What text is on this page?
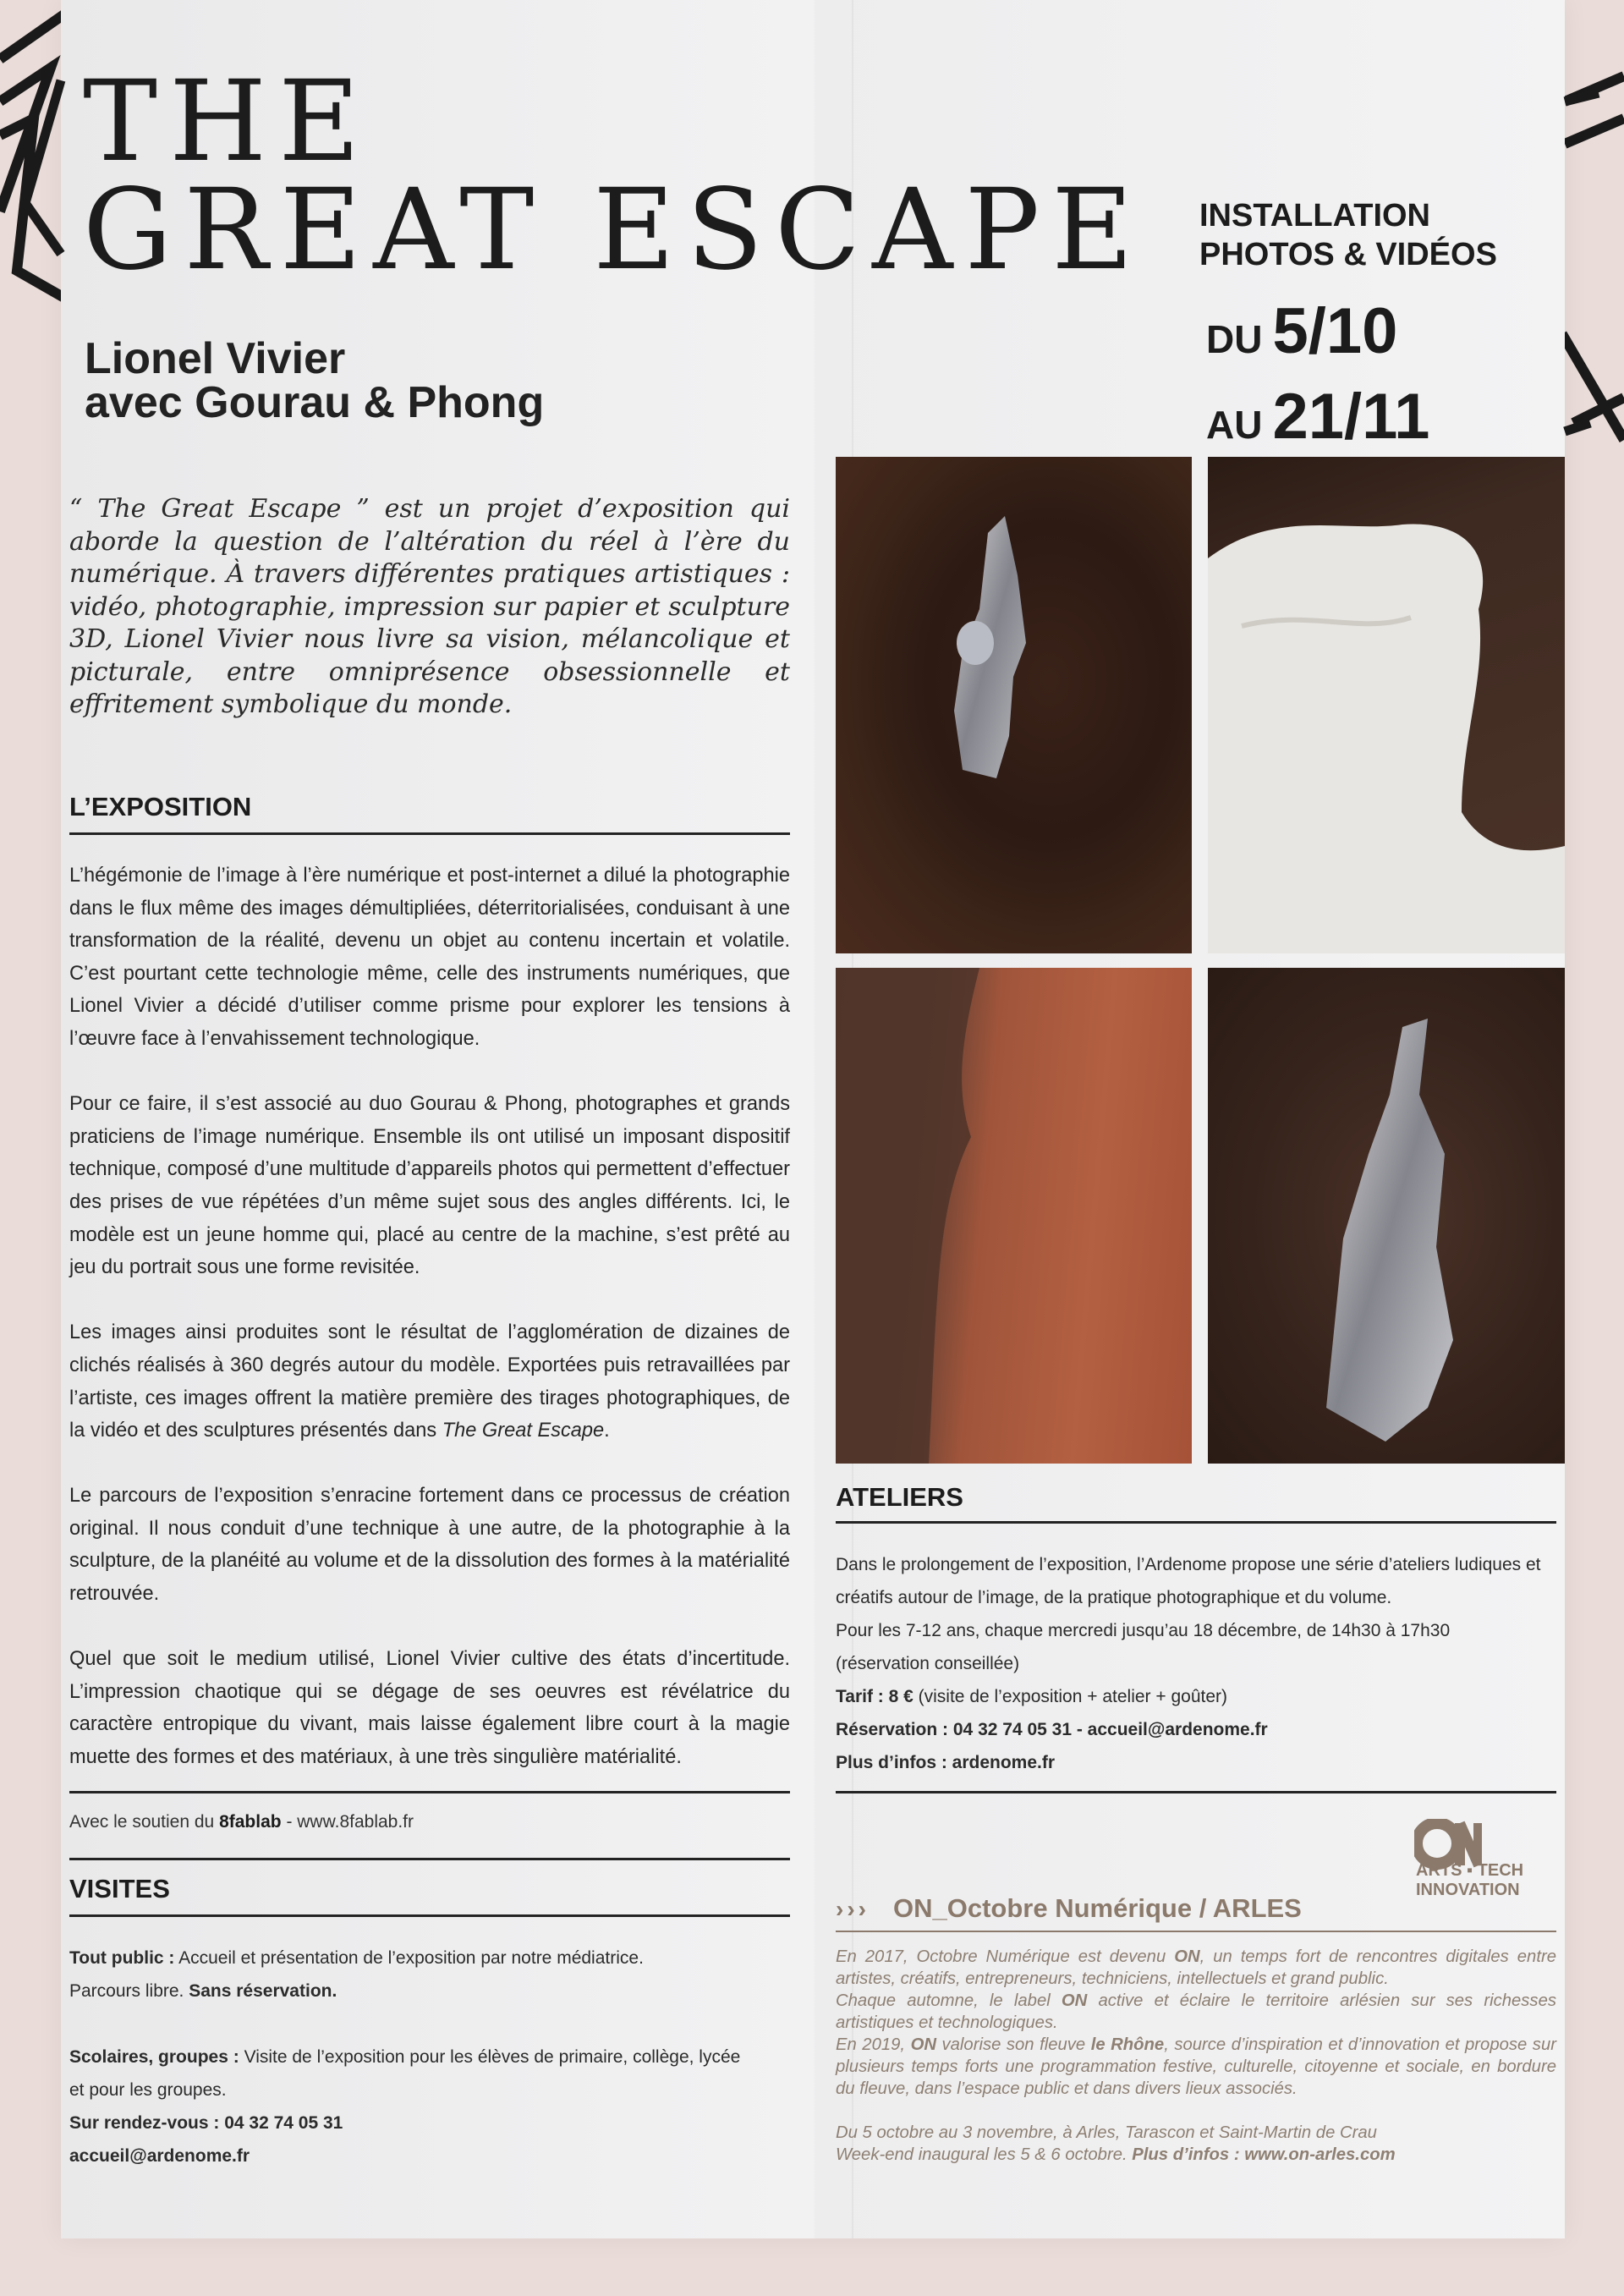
THE
GREAT ESCAPE
Lionel Vivier
avec Gourau & Phong
INSTALLATION
PHOTOS & VIDÉOS
DU 5/10
AU 21/11
“ The Great Escape ” est un projet d’exposition qui aborde la question de l’altération du réel à l’ère du numérique. À travers différentes pratiques artistiques : vidéo, photographie, impression sur papier et sculpture 3D, Lionel Vivier nous livre sa vision, mélancolique et picturale, entre omniprésence obsessionnelle et effritement symbolique du monde.
L’EXPOSITION

L’hégémonie de l’image à l’ère numérique et post-internet a dilué la photographie dans le flux même des images démultipliées, déterritorialisées, conduisant à une transformation de la réalité, devenu un objet au contenu incertain et volatile. C’est pourtant cette technologie même, celle des instruments numériques, que Lionel Vivier a décidé d’utiliser comme prisme pour explorer les tensions à l’œuvre face à l’envahissement technologique.

Pour ce faire, il s’est associé au duo Gourau & Phong, photographes et grands praticiens de l’image numérique. Ensemble ils ont utilisé un imposant dispositif technique, composé d’une multitude d’appareils photos qui permettent d’effectuer des prises de vue répétées d’un même sujet sous des angles différents. Ici, le modèle est un jeune homme qui, placé au centre de la machine, s’est prêté au jeu du portrait sous une forme revisitée.

Les images ainsi produites sont le résultat de l’agglomération de dizaines de clichés réalisés à 360 degrés autour du modèle. Exportées puis retravaillées par l’artiste, ces images offrent la matière première des tirages photographiques, de la vidéo et des sculptures présentés dans The Great Escape.

Le parcours de l’exposition s’enracine fortement dans ce processus de création original. Il nous conduit d’une technique à une autre, de la photographie à la sculpture, de la planéité au volume et de la dissolution des formes à la matérialité retrouvée.

Quel que soit le medium utilisé, Lionel Vivier cultive des états d’incertitude. L’impression chaotique qui se dégage de ses oeuvres est révélatrice du caractère entropique du vivant, mais laisse également libre court à la magie muette des formes et des matériaux, à une très singulière matérialité.

Avec le soutien du 8fablab - www.8fablab.fr
VISITES
Tout public : Accueil et présentation de l’exposition par notre médiatrice.
Parcours libre. Sans réservation.
Scolaires, groupes : Visite de l’exposition pour les élèves de primaire, collège, lycée
et pour les groupes.
Sur rendez-vous : 04 32 74 05 31
accueil@ardenome.fr
ATELIERS
Dans le prolongement de l’exposition, l’Ardenome propose une série d’ateliers ludiques et
créatifs autour de l’image, de la pratique photographique et du volume.
Pour les 7-12 ans, chaque mercredi jusqu’au 18 décembre, de 14h30 à 17h30
(réservation conseillée)
Tarif : 8 € (visite de l’exposition + atelier + goûter)
Réservation : 04 32 74 05 31 - accueil@ardenome.fr
Plus d’infos : ardenome.fr
ARTS ▪ TECH
INNOVATION
››› ON_Octobre Numérique / ARLES
En 2017, Octobre Numérique est devenu ON, un temps fort de rencontres digitales entre artistes, créatifs, entrepreneurs, techniciens, intellectuels et grand public.
Chaque automne, le label ON active et éclaire le territoire arlésien sur ses richesses artistiques et technologiques.
En 2019, ON valorise son fleuve le Rhône, source d’inspiration et d’innovation et propose sur plusieurs temps forts une programmation festive, culturelle, citoyenne et sociale, en bordure du fleuve, dans l’espace public et dans divers lieux associés.
Du 5 octobre au 3 novembre, à Arles, Tarascon et Saint-Martin de Crau
Week-end inaugural les 5 & 6 octobre. Plus d’infos : www.on-arles.com
